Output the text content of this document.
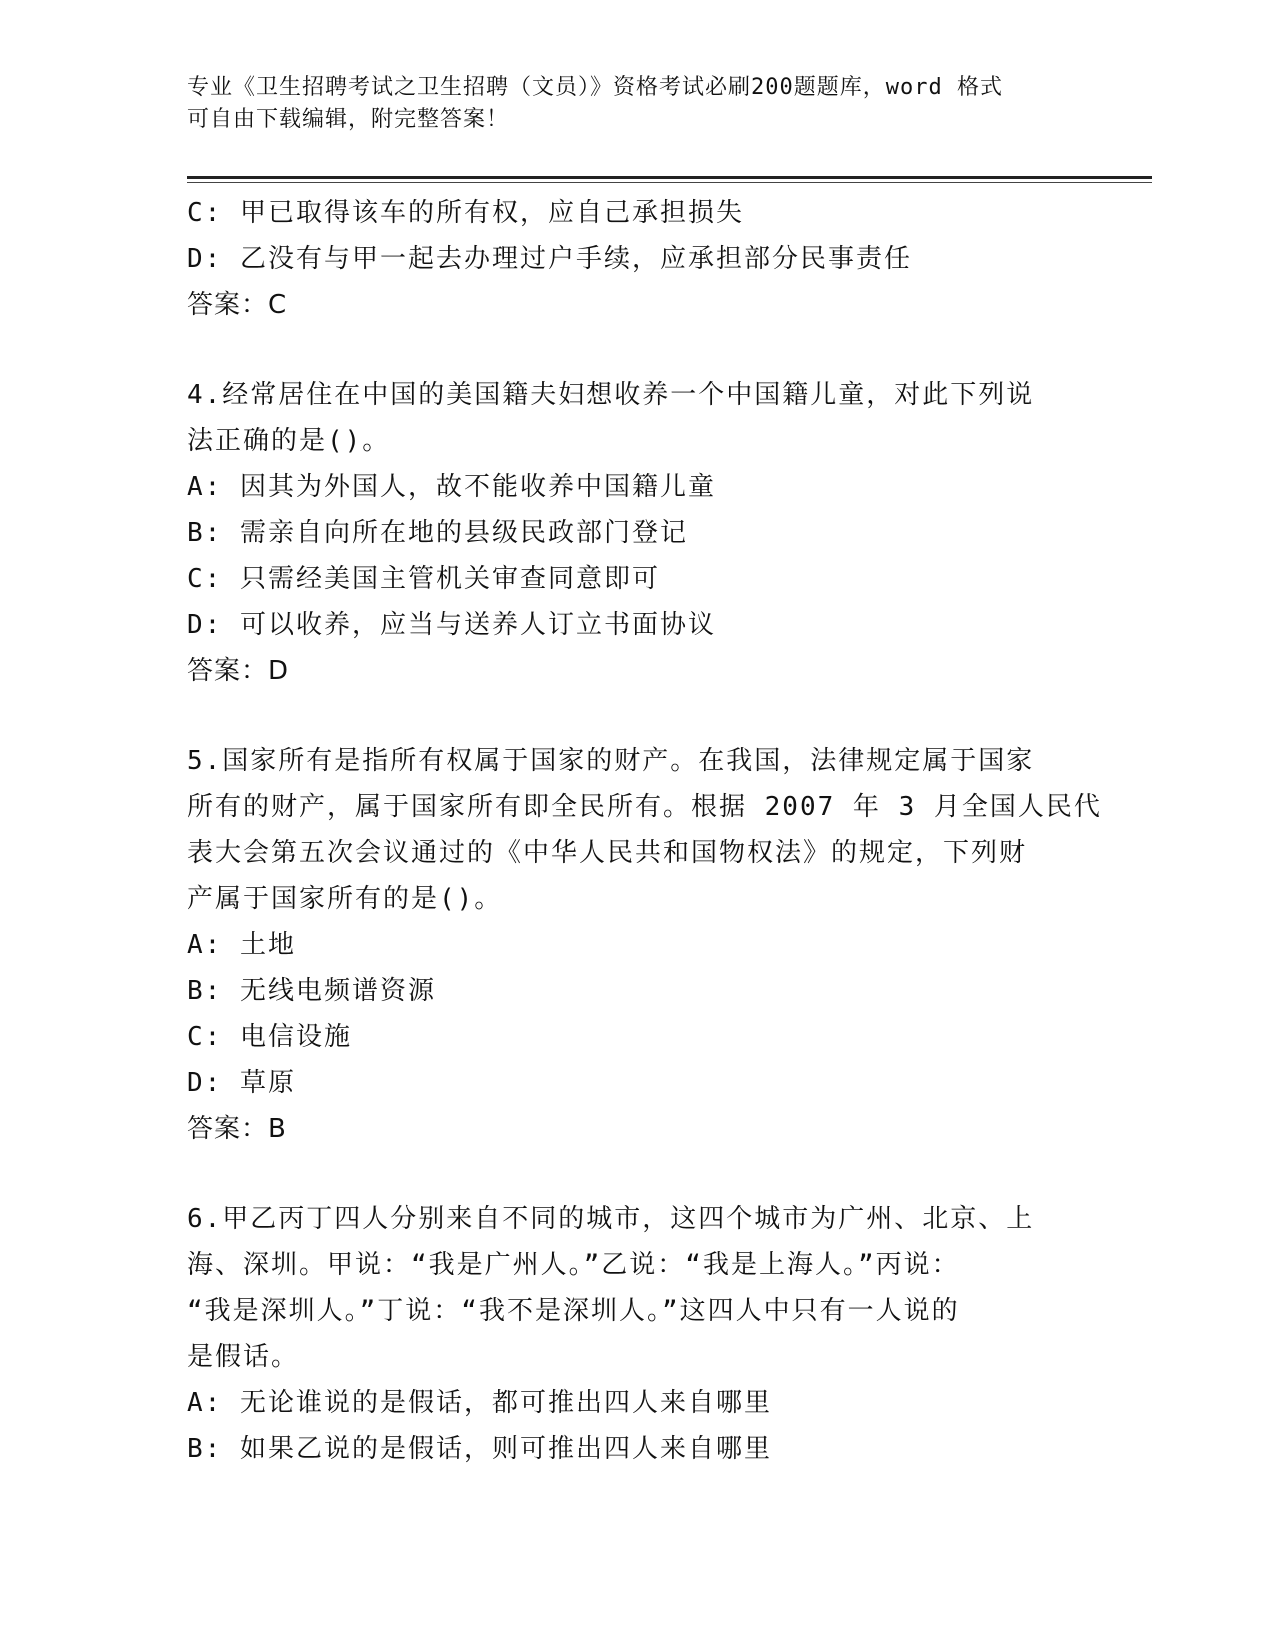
专业《卫生招聘考试之卫生招聘（文员）》资格考试必刷200题题库，word 格式
可自由下载编辑，附完整答案！
C: 甲已取得该车的所有权，应自己承担损失
D: 乙没有与甲一起去办理过户手续，应承担部分民事责任
答案：C
4.经常居住在中国的美国籍夫妇想收养一个中国籍儿童，对此下列说
法正确的是()。
A: 因其为外国人，故不能收养中国籍儿童
B: 需亲自向所在地的县级民政部门登记
C: 只需经美国主管机关审查同意即可
D: 可以收养，应当与送养人订立书面协议
答案：D
5.国家所有是指所有权属于国家的财产。在我国，法律规定属于国家
所有的财产，属于国家所有即全民所有。根据 2007 年 3 月全国人民代
表大会第五次会议通过的《中华人民共和国物权法》的规定，下列财
产属于国家所有的是()。
A: 土地
B: 无线电频谱资源
C: 电信设施
D: 草原
答案：B
6.甲乙丙丁四人分别来自不同的城市，这四个城市为广州、北京、上
海、深圳。甲说：“我是广州人。”乙说：“我是上海人。”丙说：
“我是深圳人。”丁说：“我不是深圳人。”这四人中只有一人说的
是假话。
A: 无论谁说的是假话，都可推出四人来自哪里
B: 如果乙说的是假话，则可推出四人来自哪里
